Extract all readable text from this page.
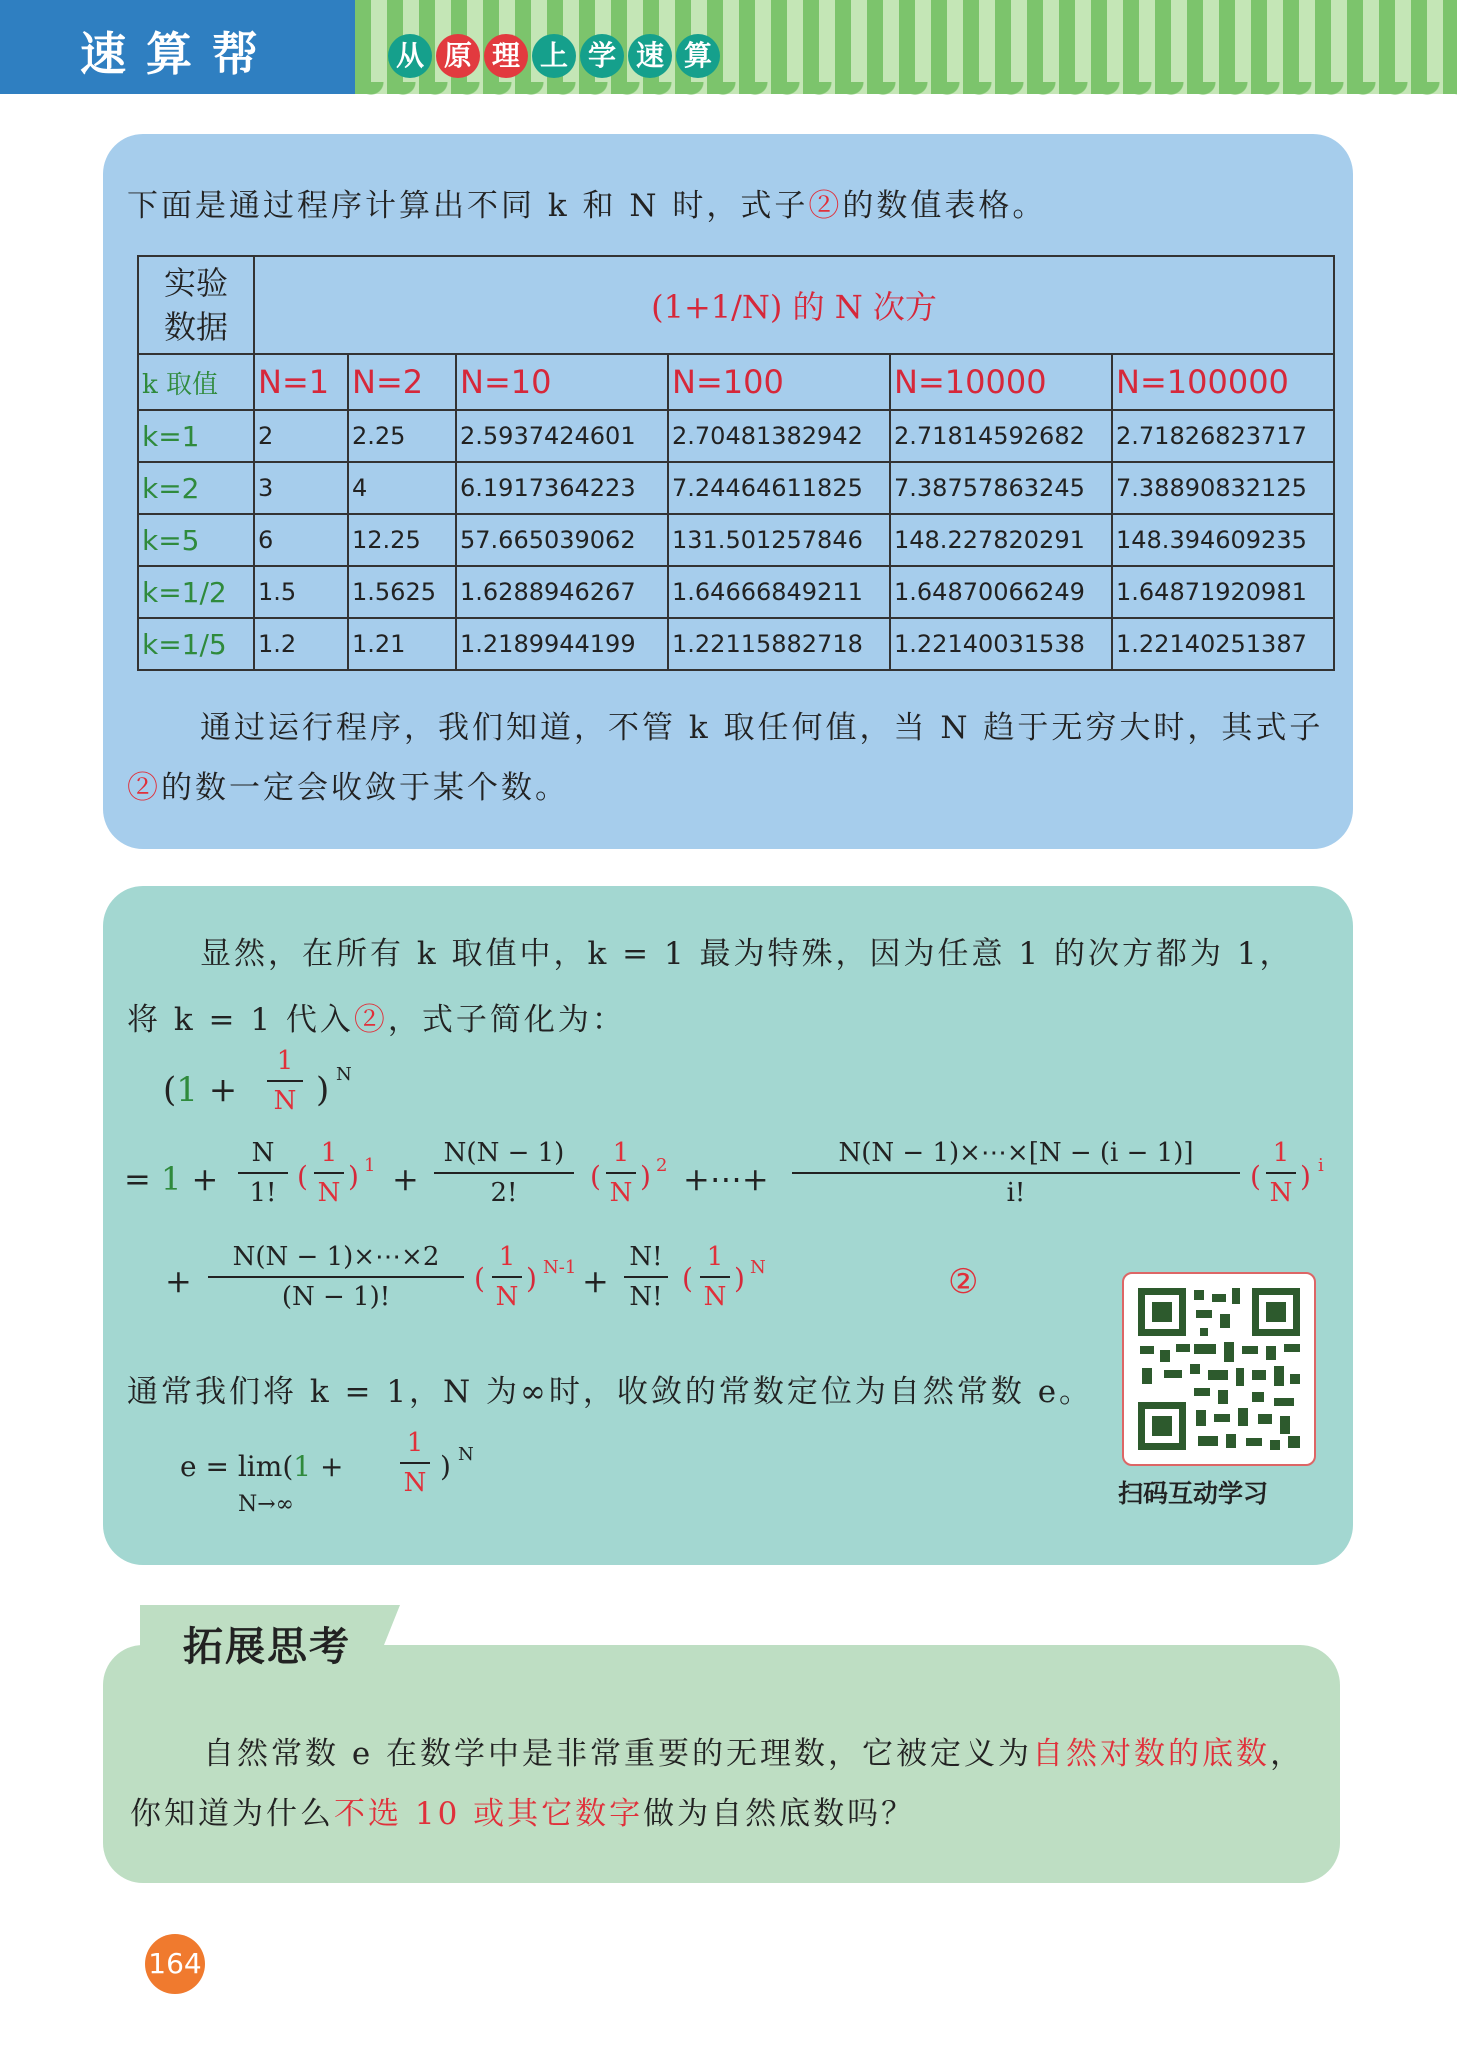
速算帮	从 原 理 上 学 速 算
下面是通过程序计算出不同 k 和 N 时，式子②的数值表格。
实验
数据	(1+1/N) 的 N 次方					
k 取值	N=1	N=2	N=10	N=100	N=10000	N=100000
k=1	2	2.25	2.5937424601	2.70481382942	2.71814592682	2.71826823717
k=2	3	4	6.1917364223	7.24464611825	7.38757863245	7.38890832125
k=5	6	12.25	57.665039062	131.501257846	148.227820291	148.394609235
k=1/2	1.5	1.5625	1.6288946267	1.64666849211	1.64870066249	1.64871920981
k=1/5	1.2	1.21	1.2189944199	1.22115882718	1.22140031538	1.22140251387
通过运行程序，我们知道，不管 k 取任何值，当 N 趋于无穷大时，其式子
②的数一定会收敛于某个数。
显然，在所有 k 取值中，k = 1 最为特殊，因为任意 1 的次方都为 1，
将 k = 1 代入②，式子简化为：
(1 +
1
N ) N
= 1 +
N
1! (
1
N ) 1 +
N(N − 1)
2!	(
1
N ) 2 +⋯+
N(N − 1)×⋯×[N − (i − 1)]
i!	(
1
N ) i
+
N(N − 1)×⋯×2
(N − 1)!
(
1
N
) N-1 +
N!
N!
(
1
N
) N	②
通常我们将 k = 1，N 为∞时，收敛的常数定位为自然常数 e。
e = lim(1 +
N→∞
1
N ) N
扫码互动学习
拓展思考
自然常数 e 在数学中是非常重要的无理数，它被定义为自然对数的底数，
你知道为什么不选 10 或其它数字做为自然底数吗？
164
